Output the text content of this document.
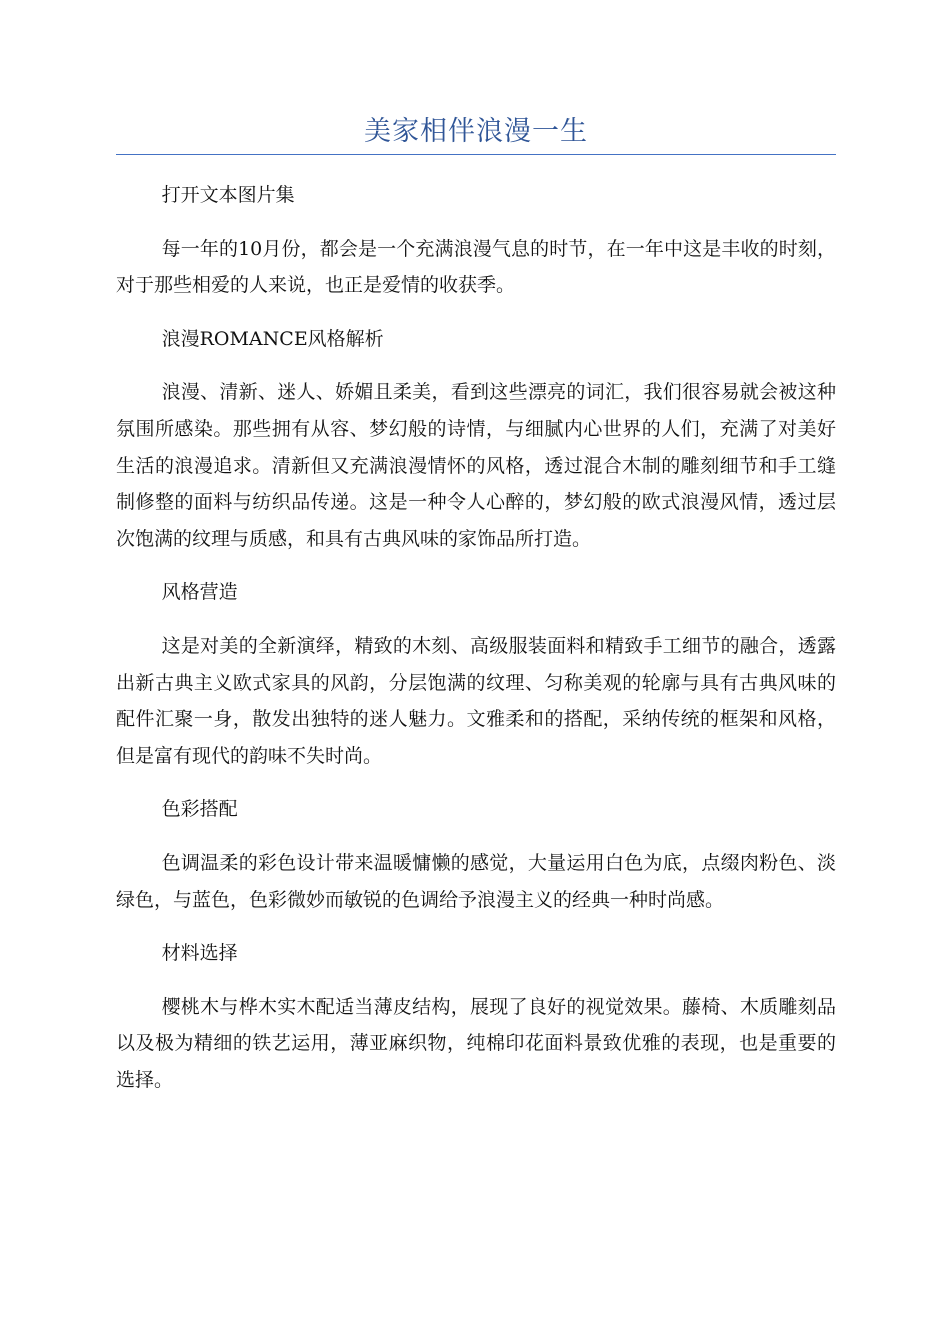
美家相伴浪漫一生

打开文本图片集

每一年的10月份，都会是一个充满浪漫气息的时节，在一年中这是丰收的时刻，对于那些相爱的人来说，也正是爱情的收获季。

浪漫ROMANCE风格解析

浪漫、清新、迷人、娇媚且柔美，看到这些漂亮的词汇，我们很容易就会被这种氛围所感染。那些拥有从容、梦幻般的诗情，与细腻内心世界的人们，充满了对美好生活的浪漫追求。清新但又充满浪漫情怀的风格，透过混合木制的雕刻细节和手工缝制修整的面料与纺织品传递。这是一种令人心醉的，梦幻般的欧式浪漫风情，透过层次饱满的纹理与质感，和具有古典风味的家饰品所打造。

风格营造

这是对美的全新演绎，精致的木刻、高级服装面料和精致手工细节的融合，透露出新古典主义欧式家具的风韵，分层饱满的纹理、匀称美观的轮廓与具有古典风味的配件汇聚一身，散发出独特的迷人魅力。文雅柔和的搭配，采纳传统的框架和风格，但是富有现代的韵味不失时尚。

色彩搭配

色调温柔的彩色设计带来温暖慵懒的感觉，大量运用白色为底，点缀肉粉色、淡绿色，与蓝色，色彩微妙而敏锐的色调给予浪漫主义的经典一种时尚感。

材料选择

樱桃木与桦木实木配适当薄皮结构，展现了良好的视觉效果。藤椅、木质雕刻品以及极为精细的铁艺运用，薄亚麻织物，纯棉印花面料景致优雅的表现，也是重要的选择。
